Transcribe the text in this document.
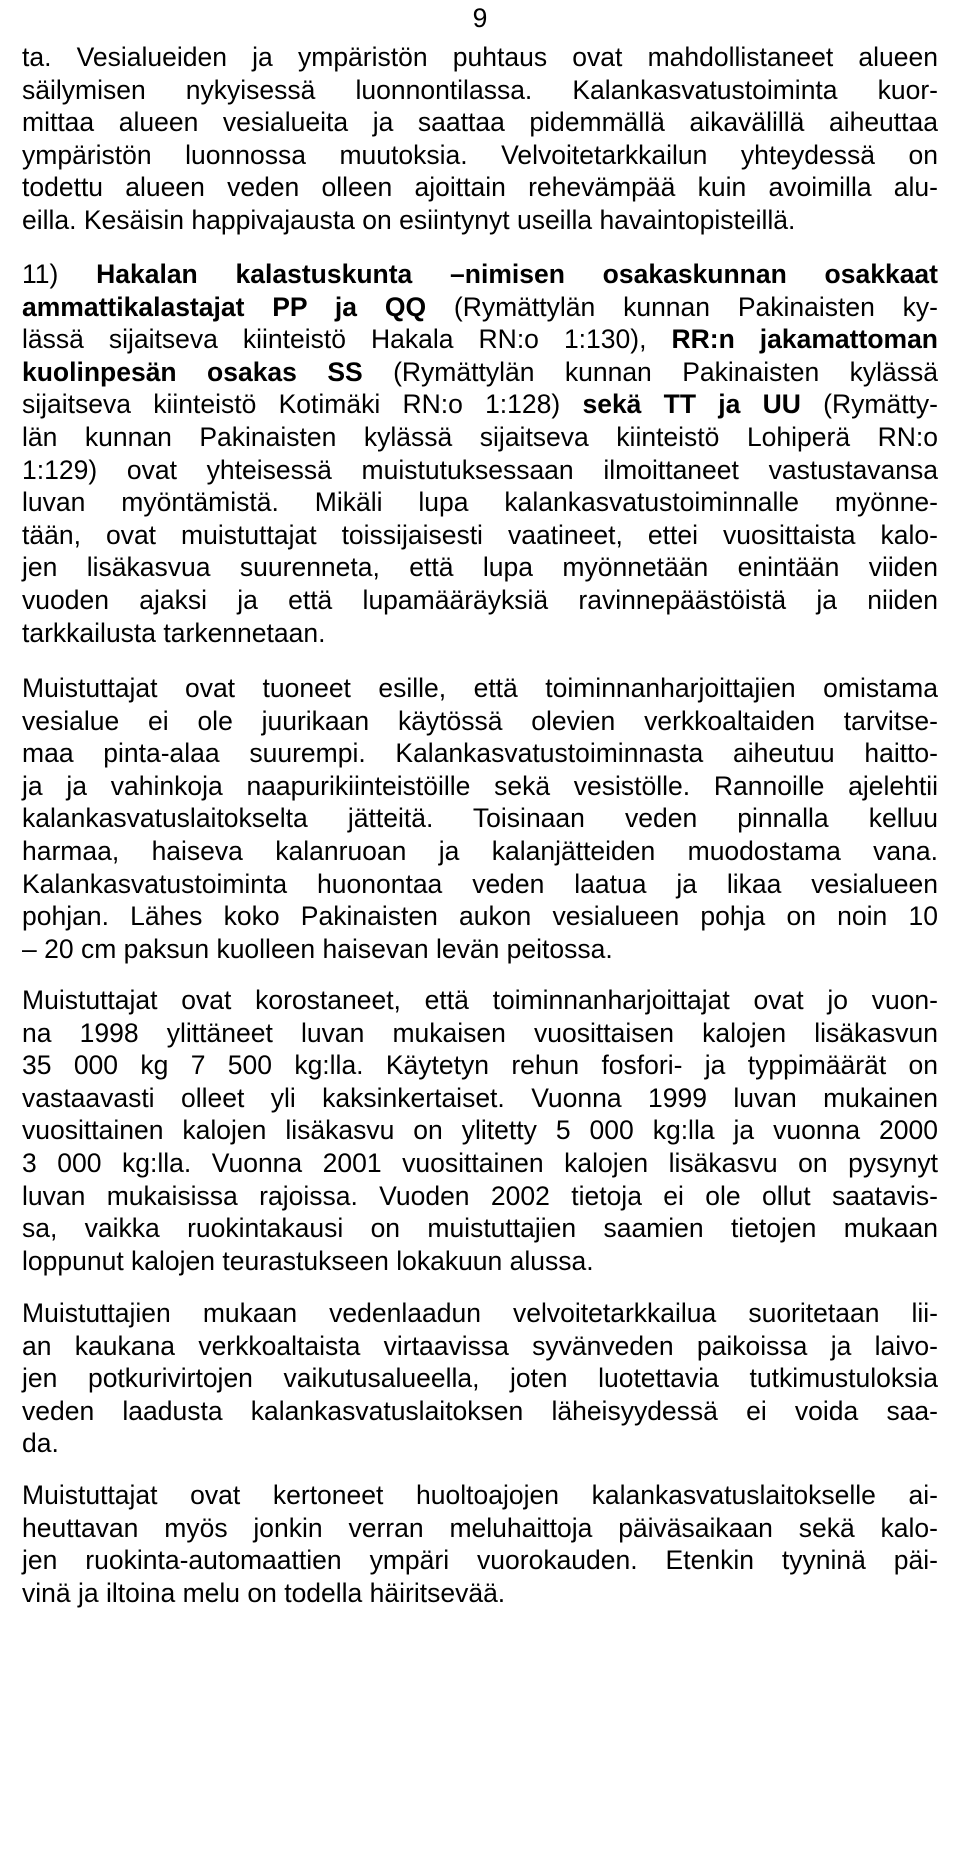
9
ta. Vesialueiden ja ympäristön puhtaus ovat mahdollistaneet alueen
säilymisen nykyisessä luonnontilassa. Kalankasvatustoiminta kuor-
mittaa alueen vesialueita ja saattaa pidemmällä aikavälillä aiheuttaa
ympäristön luonnossa muutoksia. Velvoitetarkkailun yhteydessä on
todettu alueen veden olleen ajoittain rehevämpää kuin avoimilla alu-
eilla. Kesäisin happivajausta on esiintynyt useilla havaintopisteillä.
11) Hakalan kalastuskunta –nimisen osakaskunnan osakkaat
ammattikalastajat PP ja QQ (Rymättylän kunnan Pakinaisten ky-
lässä sijaitseva kiinteistö Hakala RN:o 1:130), RR:n jakamattoman
kuolinpesän osakas SS (Rymättylän kunnan Pakinaisten kylässä
sijaitseva kiinteistö Kotimäki RN:o 1:128) sekä TT ja UU (Rymätty-
län kunnan Pakinaisten kylässä sijaitseva kiinteistö Lohiperä RN:o
1:129) ovat yhteisessä muistutuksessaan ilmoittaneet vastustavansa
luvan myöntämistä. Mikäli lupa kalankasvatustoiminnalle myönne-
tään, ovat muistuttajat toissijaisesti vaatineet, ettei vuosittaista kalo-
jen lisäkasvua suurenneta, että lupa myönnetään enintään viiden
vuoden ajaksi ja että lupamääräyksiä ravinnepäästöistä ja niiden
tarkkailusta tarkennetaan.
Muistuttajat ovat tuoneet esille, että toiminnanharjoittajien omistama
vesialue ei ole juurikaan käytössä olevien verkkoaltaiden tarvitse-
maa pinta-alaa suurempi. Kalankasvatustoiminnasta aiheutuu haitto-
ja ja vahinkoja naapurikiinteistöille sekä vesistölle. Rannoille ajelehtii
kalankasvatuslaitokselta jätteitä. Toisinaan veden pinnalla kelluu
harmaa, haiseva kalanruoan ja kalanjätteiden muodostama vana.
Kalankasvatustoiminta huonontaa veden laatua ja likaa vesialueen
pohjan. Lähes koko Pakinaisten aukon vesialueen pohja on noin 10
– 20 cm paksun kuolleen haisevan levän peitossa.
Muistuttajat ovat korostaneet, että toiminnanharjoittajat ovat jo vuon-
na 1998 ylittäneet luvan mukaisen vuosittaisen kalojen lisäkasvun
35 000 kg 7 500 kg:lla. Käytetyn rehun fosfori- ja typpimäärät on
vastaavasti olleet yli kaksinkertaiset. Vuonna 1999 luvan mukainen
vuosittainen kalojen lisäkasvu on ylitetty 5 000 kg:lla ja vuonna 2000
3 000 kg:lla. Vuonna 2001 vuosittainen kalojen lisäkasvu on pysynyt
luvan mukaisissa rajoissa. Vuoden 2002 tietoja ei ole ollut saatavis-
sa, vaikka ruokintakausi on muistuttajien saamien tietojen mukaan
loppunut kalojen teurastukseen lokakuun alussa.
Muistuttajien mukaan vedenlaadun velvoitetarkkailua suoritetaan lii-
an kaukana verkkoaltaista virtaavissa syvänveden paikoissa ja laivo-
jen potkurivirtojen vaikutusalueella, joten luotettavia tutkimustuloksia
veden laadusta kalankasvatuslaitoksen läheisyydessä ei voida saa-
da.
Muistuttajat ovat kertoneet huoltoajojen kalankasvatuslaitokselle ai-
heuttavan myös jonkin verran meluhaittoja päiväsaikaan sekä kalo-
jen ruokinta-automaattien ympäri vuorokauden. Etenkin tyyninä päi-
vinä ja iltoina melu on todella häiritsevää.
